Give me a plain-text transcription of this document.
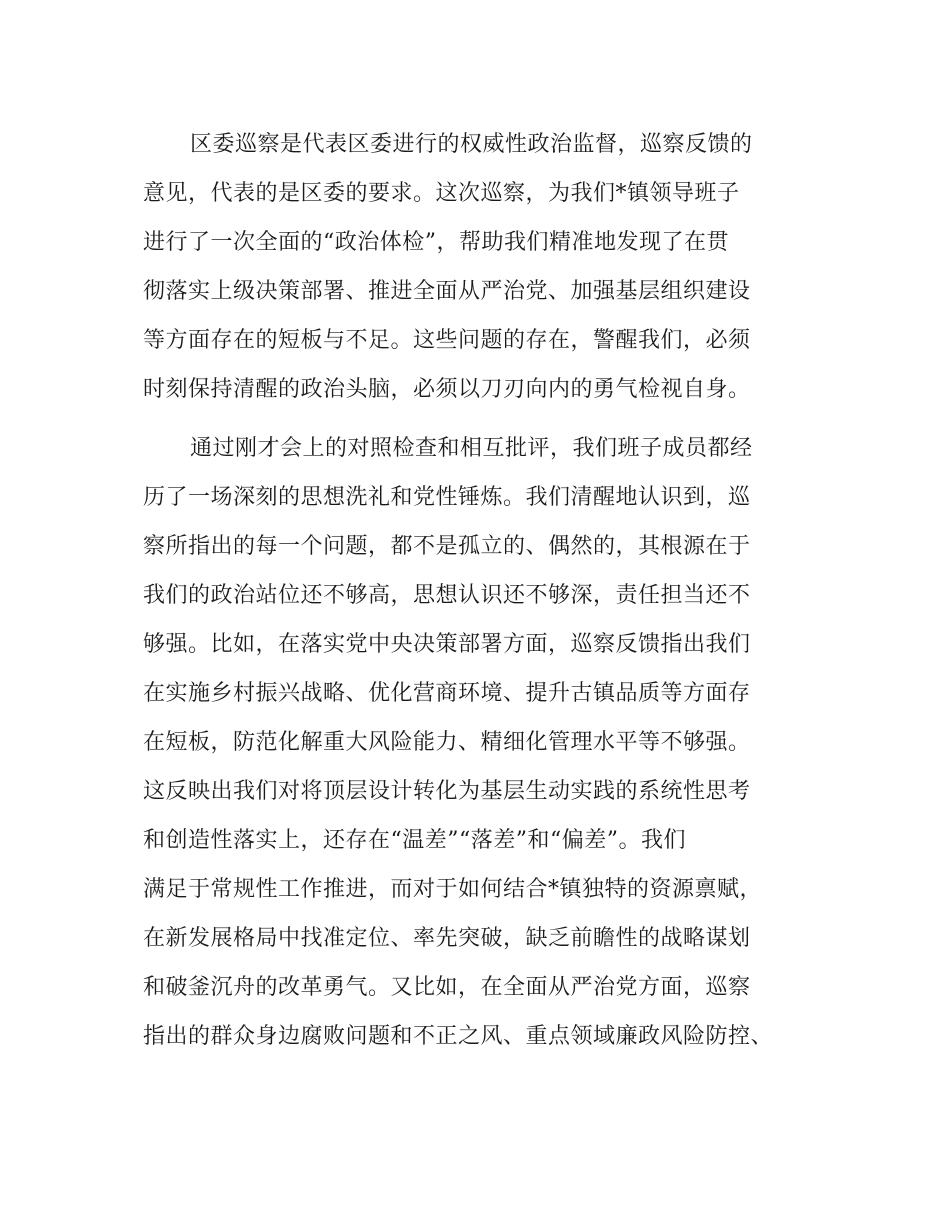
区委巡察是代表区委进行的权威性政治监督，巡察反馈的
意见，代表的是区委的要求。这次巡察，为我们*镇领导班子
进行了一次全面的“政治体检”，帮助我们精准地发现了在贯
彻落实上级决策部署、推进全面从严治党、加强基层组织建设
等方面存在的短板与不足。这些问题的存在，警醒我们，必须
时刻保持清醒的政治头脑，必须以刀刃向内的勇气检视自身。
通过刚才会上的对照检查和相互批评，我们班子成员都经
历了一场深刻的思想洗礼和党性锤炼。我们清醒地认识到，巡
察所指出的每一个问题，都不是孤立的、偶然的，其根源在于
我们的政治站位还不够高，思想认识还不够深，责任担当还不
够强。比如，在落实党中央决策部署方面，巡察反馈指出我们
在实施乡村振兴战略、优化营商环境、提升古镇品质等方面存
在短板，防范化解重大风险能力、精细化管理水平等不够强。
这反映出我们对将顶层设计转化为基层生动实践的系统性思考
和创造性落实上，还存在“温差”“落差”和“偏差”。我们
满足于常规性工作推进，而对于如何结合*镇独特的资源禀赋，
在新发展格局中找准定位、率先突破，缺乏前瞻性的战略谋划
和破釜沉舟的改革勇气。又比如，在全面从严治党方面，巡察
指出的群众身边腐败问题和不正之风、重点领域廉政风险防控、
